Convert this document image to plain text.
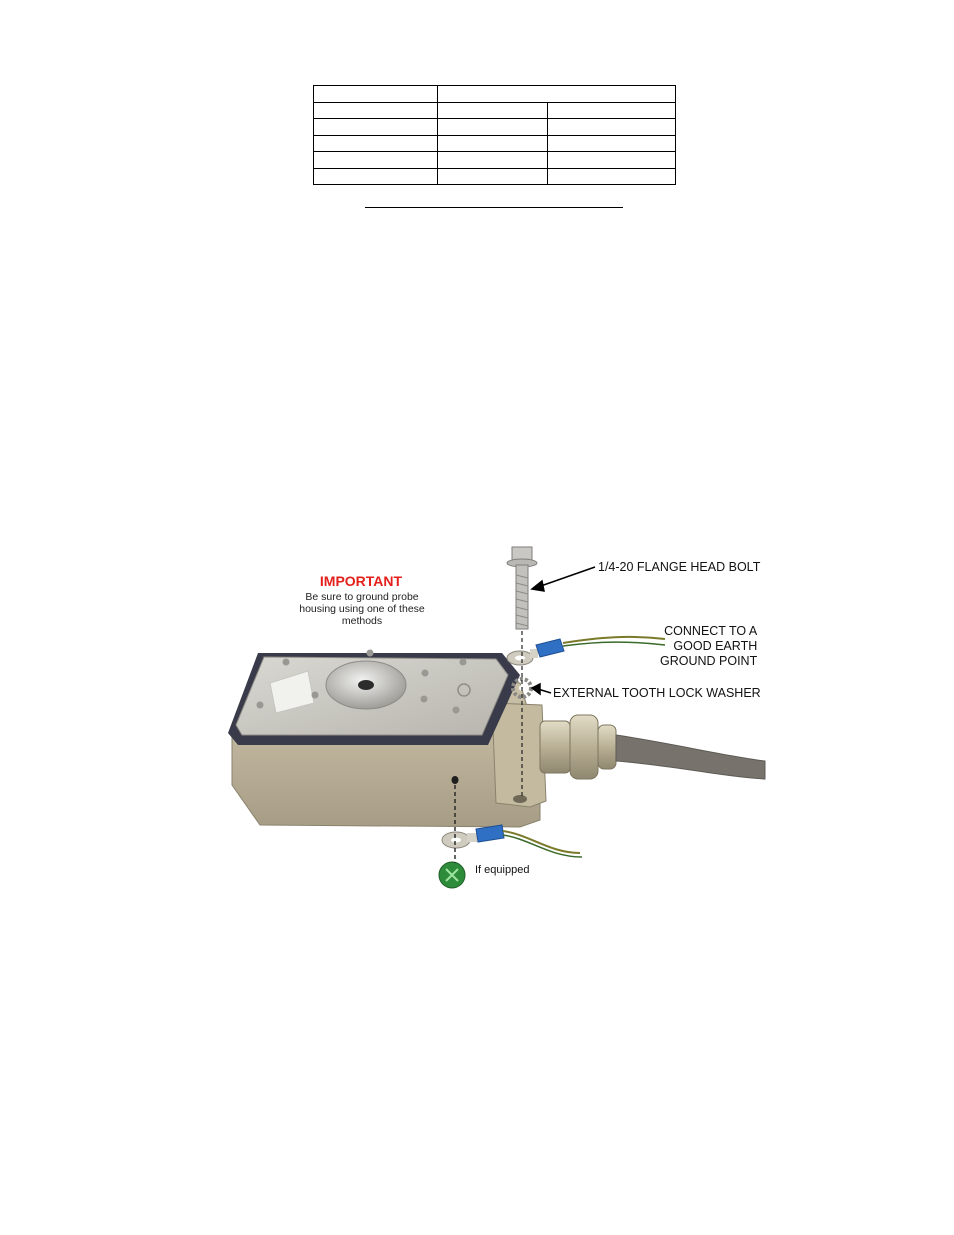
IMPORTANT
Be sure to ground probe housing using one of these methods
1/4-20 FLANGE HEAD BOLT
CONNECT TO A
GOOD EARTH
GROUND POINT
EXTERNAL TOOTH LOCK WASHER
If equipped
